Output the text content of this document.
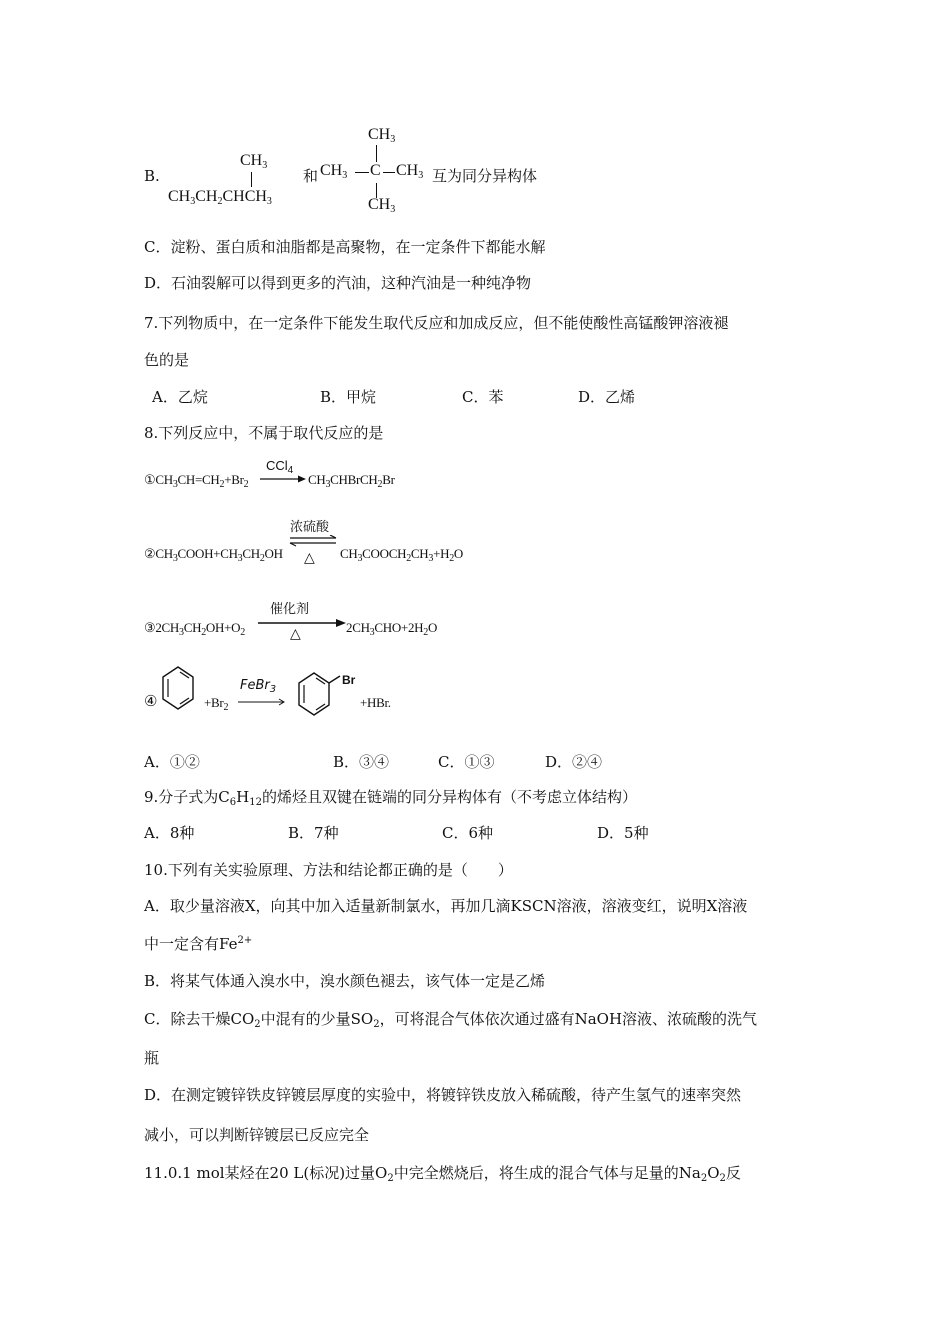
B.
$CH_3$
$CH_3CH_2CHCH_3$
和
$CH_3$
$CH_3$ C $CH_3$
$CH_3$
互为同分异构体
C．淀粉、蛋白质和油脂都是高聚物，在一定条件下都能水解
D．石油裂解可以得到更多的汽油，这种汽油是一种纯净物
7.下列物质中，在一定条件下能发生取代反应和加成反应，但不能使酸性高锰酸钾溶液褪
色的是
A．乙烷	B．甲烷	C．苯	D．乙烯
8.下列反应中，不属于取代反应的是
$①CH_3CH=CH_2+Br_2$
CCl$_4$
→ $CH_3CHBrCH_2Br$
$②CH_3COOH+CH_3CH_2OH$
浓硫酸
△ $CH_3COOCH_2CH_3+H_2O$
$③2CH_3CH_2OH+O_2$
催化剂
△	$2CH_3CHO+2H_2O$
④	$+Br_2$
FeBr$_3$
Br
+HBr.
A．①②	B．③④	C．①③	D．②④
9.分子式为$C_6H_{12}$的烯烃且双键在链端的同分异构体有（不考虑立体结构）
A．8种	B．7种	C．6种	D．5种
10.下列有关实验原理、方法和结论都正确的是（　　）
A．取少量溶液X，向其中加入适量新制氯水，再加几滴KSCN溶液，溶液变红，说明X溶液
中一定含有$Fe^{2+}$
B．将某气体通入溴水中，溴水颜色褪去，该气体一定是乙烯
C．除去干燥$CO_2$中混有的少量$SO_2$，可将混合气体依次通过盛有NaOH溶液、浓硫酸的洗气
瓶
D．在测定镀锌铁皮锌镀层厚度的实验中，将镀锌铁皮放入稀硫酸，待产生氢气的速率突然
减小，可以判断锌镀层已反应完全
11.0.1 mol某烃在20 L(标况)过量$O_2$中完全燃烧后，将生成的混合气体与足量的$Na_2O_2$反
